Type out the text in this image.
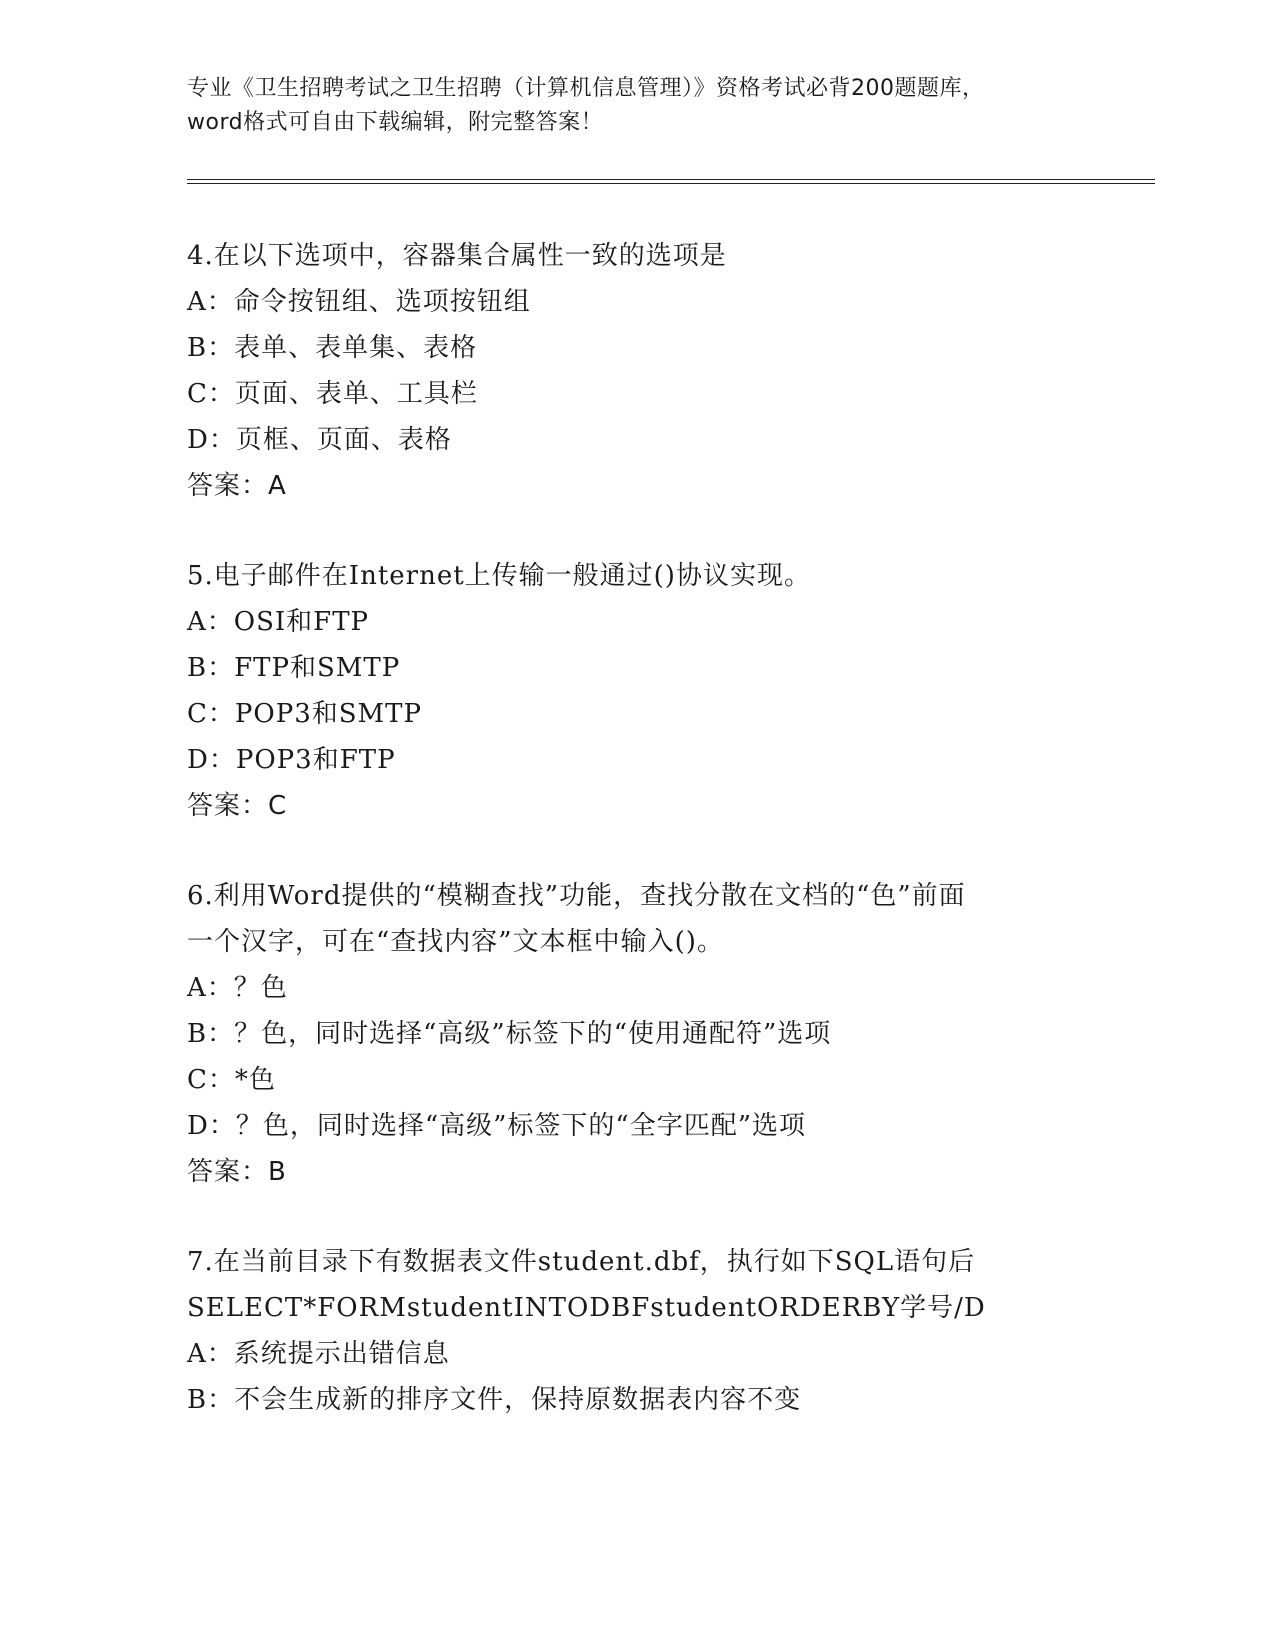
专业《卫生招聘考试之卫生招聘（计算机信息管理）》资格考试必背200题题库，
word格式可自由下载编辑，附完整答案！
4.在以下选项中，容器集合属性一致的选项是
A：命令按钮组、选项按钮组
B：表单、表单集、表格
C：页面、表单、工具栏
D：页框、页面、表格
答案：A
5.电子邮件在Internet上传输一般通过()协议实现。
A：OSI和FTP
B：FTP和SMTP
C：POP3和SMTP
D：POP3和FTP
答案：C
6.利用Word提供的“模糊查找”功能，查找分散在文档的“色”前面
一个汉字，可在“查找内容”文本框中输入()。
A：？色
B：？色，同时选择“高级”标签下的“使用通配符”选项
C：*色
D：？色，同时选择“高级”标签下的“全字匹配”选项
答案：B
7.在当前目录下有数据表文件student.dbf，执行如下SQL语句后
SELECT*FORMstudentINTODBFstudentORDERBY学号/D
A：系统提示出错信息
B：不会生成新的排序文件，保持原数据表内容不变
